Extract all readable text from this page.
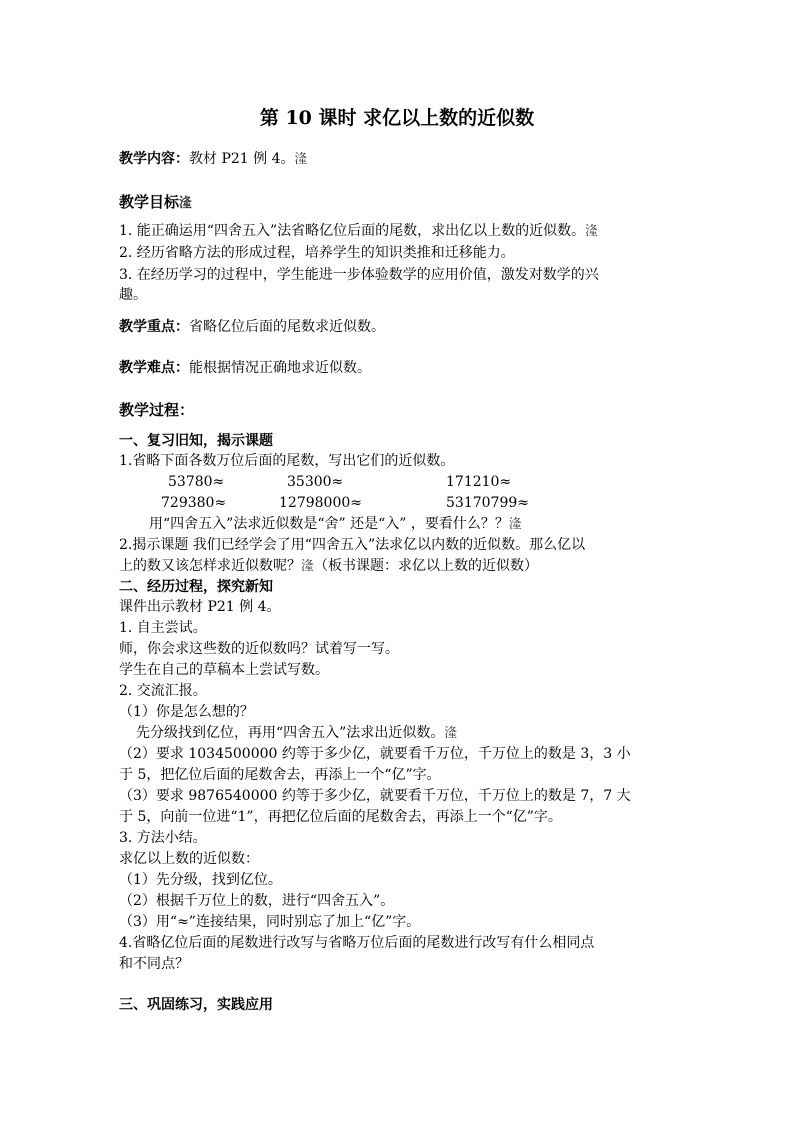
第 10 课时 求亿以上数的近似数
教学内容：教材 P21 例 4。湰
教学目标湰
1. 能正确运用“四舍五入”法省略亿位后面的尾数，求出亿以上数的近似数。湰
2. 经历省略方法的形成过程，培养学生的知识类推和迁移能力。
3. 在经历学习的过程中，学生能进一步体验数学的应用价值，激发对数学的兴
趣。
教学重点：省略亿位后面的尾数求近似数。
教学难点：能根据情况正确地求近似数。
教学过程：
一、复习旧知，揭示课题
1.省略下面各数万位后面的尾数，写出它们的近似数。
53780≈	35300≈	171210≈
729380≈	12798000≈	53170799≈
用“四舍五入”法求近似数是“舍” 还是“入” ，要看什么？？湰
2.揭示课题 我们已经学会了用“四舍五入”法求亿以内数的近似数。那么亿以
上的数又该怎样求近似数呢？湰（板书课题：求亿以上数的近似数）
二、经历过程，探究新知
课件出示教材 P21 例 4。
1. 自主尝试。
师，你会求这些数的近似数吗？试着写一写。
学生在自己的草稿本上尝试写数。
2. 交流汇报。
（1）你是怎么想的？
先分级找到亿位，再用“四舍五入”法求出近似数。湰
（2）要求 1034500000 约等于多少亿，就要看千万位，千万位上的数是 3，3 小
于 5，把亿位后面的尾数舍去，再添上一个“亿”字。
（3）要求 9876540000 约等于多少亿，就要看千万位，千万位上的数是 7，7 大
于 5，向前一位进“1”，再把亿位后面的尾数舍去，再添上一个“亿”字。
3. 方法小结。
求亿以上数的近似数：
（1）先分级，找到亿位。
（2）根据千万位上的数，进行“四舍五入”。
（3）用“≈”连接结果，同时别忘了加上“亿”字。
4.省略亿位后面的尾数进行改写与省略万位后面的尾数进行改写有什么相同点
和不同点？
三、巩固练习，实践应用
